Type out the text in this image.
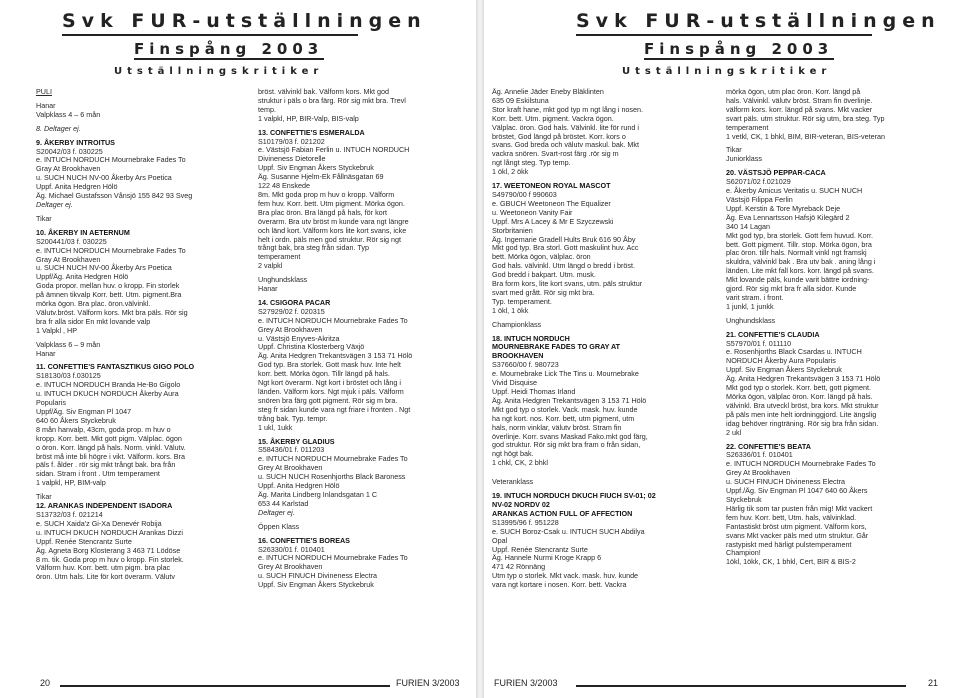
Svk FUR-utställningen
Finspång 2003
Utställningskritiker
PULI
Hanar
Valpklass 4 – 6 mån
8. Deltager ej.
9. ÅKERBY INTROITUS
S20042/03 f. 030225
e. INTUCH NORDUCH Mournebrake Fades To
Gray At Brookhaven
u. SUCH NUCH NV-00 Åkerby Ars Poetica
Uppf. Anita Hedgren Hölö
Äg. Michael Gustafsson Vånsjö 155 842 93 Sveg
Deltager ej.
Tikar
10. ÅKERBY IN AETERNUM
S200441/03 f. 030225
e. INTUCH NORDUCH Mournebrake Fades To
Gray At Brookhaven
u. SUCH NUCH NV-00 Åkerby Ars Poetica
Uppf/Äg. Anita Hedgren Hölö
Goda propor. mellan huv. o kropp. Fin storlek
på ämnen tikvalp Korr. bett. Utm. pigment.Bra
mörka ögon. Bra plac. öron.välvinkl.
Välutv.bröst. Välform kors. Mkt bra päls. Rör sig
bra fr alla sidor En mkt lovande valp
1 Valpkl , HP
Valpklass 6 – 9 mån
Hanar
11. CONFETTIE'S FANTASZTIKUS GIGO POLO
S18130/03 f.030125
e. INTUCH NORDUCH Branda He-Bo Gigolo
u. INTUCH DKUCH NORDUCH Åkerby Aura
Popularis
Uppf/Äg. Siv Engman Pl 1047
640 60 Åkers Styckebruk
8 mån hanvalp, 43cm, goda prop. m huv o
kropp. Korr. bett. Mkt gott pigm. Välplac. ögon
o öron. Korr. längd på hals. Norm. vinkl. Välutv.
bröst må inte bli högre i vikt. Välform. kors. Bra
päls f. ålder . rör sig mkt trångt bak. bra från
sidan. Stram i front . Utm temperament
1 valpkl, HP, BIM-valp
Tikar
12. ARANKAS INDEPENDENT ISADORA
S13732/03 f. 021214
e. SUCH Xaida'z Gi-Xa Denevér Robija
u. INTUCH DKUCH NORDUCH Arankas Dizzi
Uppf. Renée Stencrantz Surte
Äg. Agneta Borg Klosterang 3 463 71 Lödöse
8 m. tik. Goda prop m huv o kropp. Fin storlek.
Välform huv. Korr. bett. utm pigm. bra plac
öron. Utm hals. Lite för kort överarm. Välutv
bröst. välvinkl bak. Välform kors. Mkt god
struktur i päls o bra färg. Rör sig mkt bra. Trevl
temp.
1 valpkl, HP, BIR-Valp, BIS-valp
13. CONFETTIE'S ESMERALDA
S10179/03 f. 021202
e. Västsjö Fabian Ferlin u. INTUCH NORDUCH
Divineness Dietorelle
Uppf. Siv Engman Åkers Styckebruk
Äg. Susanne Hjelm-Ek Fållnäsgatan 69
122 48 Enskede
8m. Mkt goda prop m huv o kropp. Välform
fem huv. Korr. bett. Utm pigment. Mörka ögon.
Bra plac öron. Bra längd på hals, för kort
överarm. Bra utv bröst m kunde vara ngt längre
och länd kort. Välform kors lite kort svans, icke
helt i ordn. päls men god struktur. Rör sig ngt
trångt bak, bra steg från sidan. Typ
temperament
2 valpkl
Unghundsklass
Hanar
14. CSIGORA PACAR
S27929/02 f. 020315
e. INTUCH NORDUCH Mournebrake Fades To
Grey At Brookhaven
u. Västsjö Enyves-Akritza
Uppf. Christina Klosterberg Växjö
Äg. Anita Hedgren Trekantsvägen 3 153 71 Hölö
God typ. Bra storlek. Gott mask huv. Inte helt
korr. bett. Mörka ögon. Tillr längd på hals.
Ngt kort överarm. Ngt kort i bröstet och lång i
länden. Välform kors. Ngt mjuk i päls. Välform
snören bra färg gott pigment. Rör sig m bra.
steg fr sidan kunde vara ngt friare i fronten . Ngt
trång bak. Typ. tempr.
1 ukl, 1ukk
15. ÅKERBY GLADIUS
S58436/01 f. 011203
e. INTUCH NORDUCH Mournebrake Fades To
Grey At Brookhaven
u. SUCH NUCH Rosenhjorths Black Baroness
Uppf. Anita Hedgren Hölö
Äg. Marita Lindberg Inlandsgatan 1 C
653 44 Karlstad
Deltager ej.
Öppen Klass
16. CONFETTIE'S BOREAS
S26330/01 f. 010401
e. INTUCH NORDUCH Mournebrake Fades To
Grey At Brookhaven
u. SUCH FINUCH Divineness Electra
Uppf. Siv Engman Åkers Styckebruk
20	FURIEN 3/2003
Svk FUR-utställningen
Finspång 2003
Utställningskritiker
Äg. Annelie Jäder Eneby Bläklinten
635 09 Eskilstuna
Stor kraft hane, mkt god typ m ngt lång i nosen.
Korr. bett. Utm. pigment. Vackra ögon.
Välplac. öron. God hals. Välvinkl. lite för rund i
bröstet, God längd på bröstet. Korr. kors o
svans. God breda och välutv maskul. bak. Mkt
vackra snören. Svart-rost färg .rör sig m
ngt långt steg. Typ temp.
1 ökl, 2 ökk
17. WEETONEON ROYAL MASCOT
S49790/00 f 990603
e. GBUCH Weetoneon The Equalizer
u. Weetoneon Vanity Fair
Uppf. Mrs A Lacey & Mr E Szyczewski
Storbritanien
Äg. Ingemarie Gradell Hults Bruk 616 90 Åby
Mkt god typ. Bra storl. Gott maskulint huv. Acc
bett. Mörka ögon, välplac. öron
God hals. välvinkl. Utm längd o bredd i bröst.
God bredd i bakpart. Utm. musk.
Bra form kors, lite kort svans, utm. päls struktur
svart med grått. Rör sig mkt bra.
Typ. temperament.
1 ökl, 1 ökk
Championklass
18. INTUCH NORDUCH
MOURNEBRAKE FADES TO GRAY AT
BROOKHAVEN
S37660/00 f. 980723
e. Mournebrake Lick The Tins u. Mournebrake
Vivid Disquise
Uppf. Heidi Thomas Irland
Äg. Anita Hedgren Trekantsvägen 3 153 71 Hölö
Mkt god typ o storlek. Vack. mask. huv. kunde
ha ngt kort. nos. Korr. bett, utm pigment, utm
hals, norm vinklar, välutv bröst. Stram fin
överlinje. Korr. svans Maskad Fako.mkt god färg,
god struktur. Rör sig mkt bra fram o från sidan,
ngt högt bak.
1 chkl, CK, 2 bhkl
Veteranklass
19. INTUCH NORDUCH DKUCH FIUCH SV-01; 02
NV-02 NORDV 02
ARANKAS ACTION FULL OF AFFECTION
S13995/96 f. 951228
e. SUCH Boroz-Csak u. INTUCH SUCH Abdilya
Opal
Uppf. Renée Stencrantz Surte
Äg. Hannele Nurmi Kroge Krapp 6
471 42 Rönnäng
Utm typ o storlek. Mkt vack. mask. huv. kunde
vara ngt kortare i nosen. Korr. bett. Vackra
mörka ögon, utm plac öron. Korr. längd på
hals. Välvinkl. välutv bröst. Stram fin överlinje.
välform kors. korr. längd på svans. Mkt vacker
svart päls. utm struktur. Rör sig utm, bra steg. Typ
temperament
1 vetkl, CK, 1 bhkl, BIM, BIR-veteran, BIS-veteran
Tikar
Juniorklass
20. VÄSTSJÖ PEPPAR-CACA
S62071/02 f.021029
e. Åkerby Amicus Veritatis u. SUCH NUCH
Västsjö Filippa Ferlin
Uppf. Kerstin & Tore Myreback Deje
Äg. Eva Lennartsson Hafsjö Kilegärd 2
340 14 Lagan
Mkt god typ, bra storlek. Gott fem huvud. Korr.
bett. Gott pigment. Tillr. stop. Mörka ögon, bra
plac öron. tillr hals. Normalt vinkl ngt framskj
skuldra, välvinkl bak . Bra utv bak . aning lång i
länden. Lite mkt fall kors. korr. längd på svans.
Mkt lovande päls, kunde varit bättre iordning-
gjord. Rör sig mkt bra fr alla sidor. Kunde
varit stram. i front.
1 junkl, 1 junkk
Unghundsklass
21. CONFETTIE'S CLAUDIA
S57970/01 f. 011110
e. Rosenhjorths Black Csardas u. INTUCH
NORDUCH Åkerby Aura Popularis
Uppf. Siv Engman Åkers Styckebruk
Äg. Anita Hedgren Trekantsvägen 3 153 71 Hölö
Mkt god typ o storlek. Korr. bett, gott pigment.
Mörka ögon, välplac öron. Korr. längd på hals.
välvinkl. Bra utveckl bröst, bra kors. Mkt struktur
på päls men inte helt iordninggjord. Lite ängslig
idag behöver ringträning. Rör sig bra från sidan.
2 ukl
22. CONFETTIE'S BEATA
S26336/01 f. 010401
e. INTUCH NORDUCH Mournebrake Fades To
Grey At Brookhaven
u. SUCH FINUCH Divineness Electra
Uppf./Äg. Siv Engman Pl 1047 640 60 Åkers
Styckebruk
Härlig tik som tar pusten från mig! Mkt vackert
fem huv. Korr. bett, Utm. hals, välvinklad.
Fantastiskt bröst utm pigment. Välform kors,
svans Mkt vacker päls med utm struktur. Går
rastypiskt med härligt pulstemperament
Champion!
1ökl, 1ökk, CK, 1 bhkl, Cert, BIR & BIS-2
FURIEN 3/2003	21
